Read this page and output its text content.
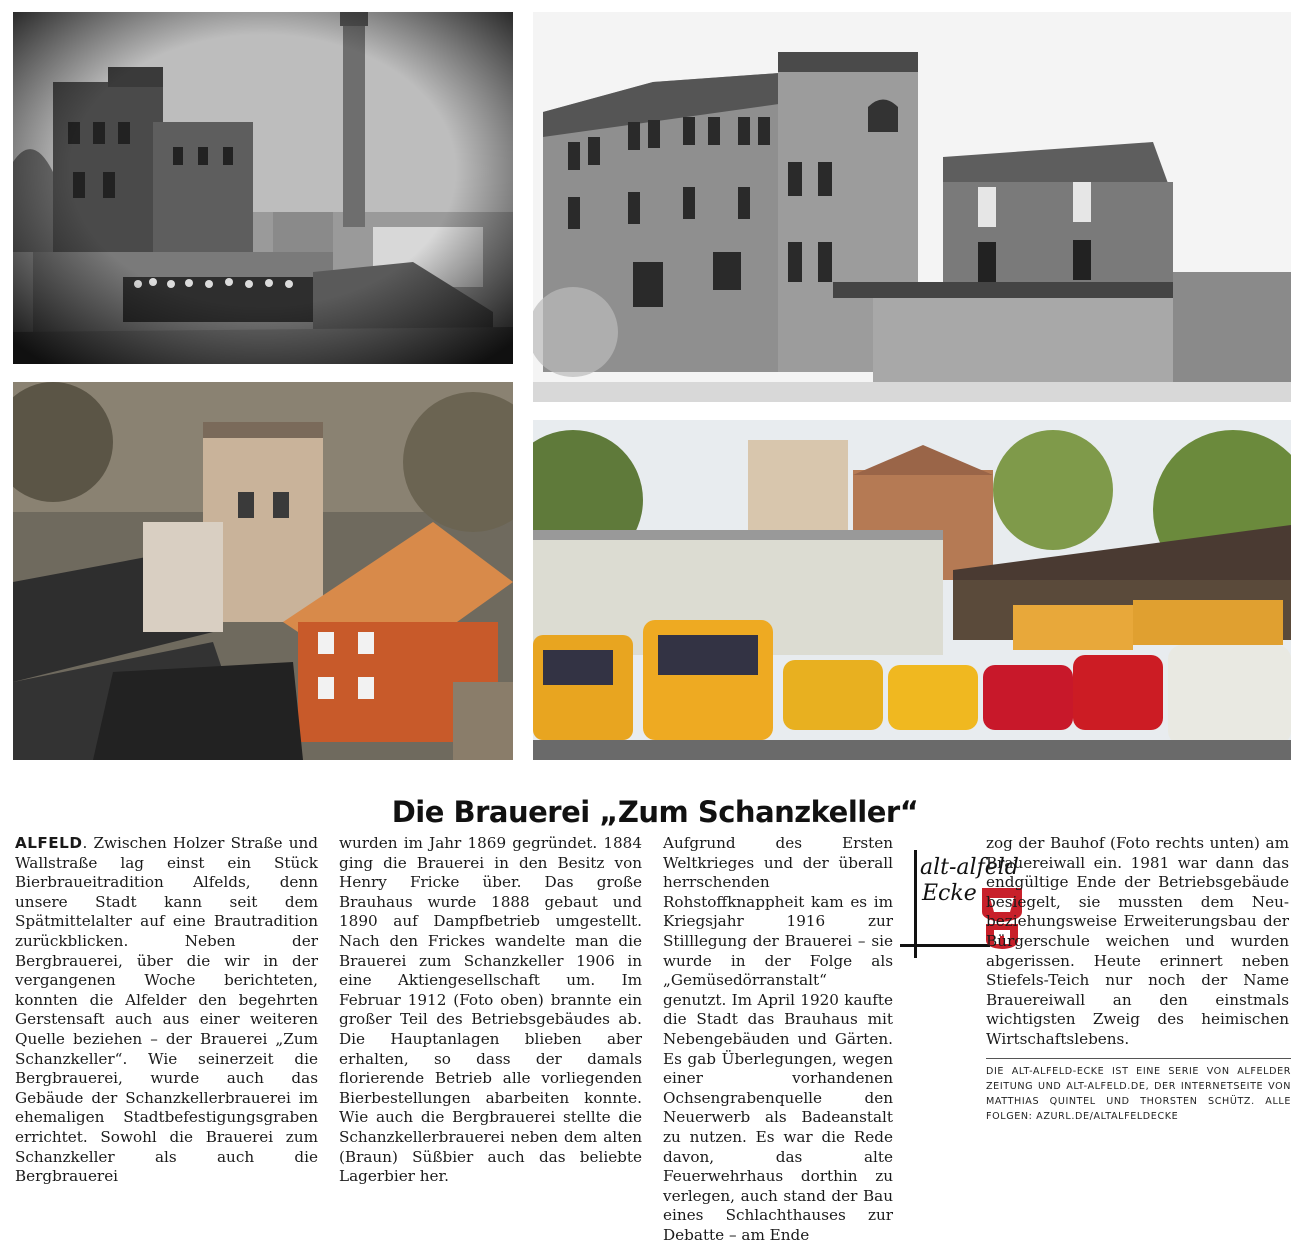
Die Brauerei „Zum Schanzkeller“
ALFELD. Zwischen Holzer Straße und Wallstraße lag einst ein Stück Bierbraueitradition Alfelds, denn unsere Stadt kann seit dem Spätmittelalter auf eine Brautradition zurückblicken. Neben der Bergbrauerei, über die wir in der vergangenen Woche berichteten, konnten die Alfelder den begehrten Gerstensaft auch aus einer weiteren Quelle beziehen – der Brauerei „Zum Schanzkeller“. Wie seinerzeit die Bergbrauerei, wurde auch das Gebäude der Schanzkellerbrauerei im ehemaligen Stadtbefestigungsgraben errichtet. Sowohl die Brauerei zum Schanzkeller als auch die Bergbrauerei
wurden im Jahr 1869 gegründet. 1884 ging die Brauerei in den Besitz von Henry Fricke über. Das große Brauhaus wurde 1888 gebaut und 1890 auf Dampfbetrieb umgestellt. Nach den Frickes wandelte man die Brauerei zum Schanzkeller 1906 in eine Aktiengesellschaft um. Im Februar 1912 (Foto oben) brannte ein großer Teil des Betriebsgebäudes ab. Die Hauptanlagen blieben aber erhalten, so dass der damals florierende Betrieb alle vorliegenden Bierbestellungen abarbeiten konnte. Wie auch die Bergbrauerei stellte die Schanzkellerbrauerei neben dem alten (Braun) Süßbier auch das beliebte Lagerbier her.
Aufgrund des Ersten Weltkrieges und der überall herrschenden Rohstoffknappheit kam es im Kriegsjahr 1916 zur Stilllegung der Brauerei – sie wurde in der Folge als „Gemüsedörranstalt“ genutzt. Im April 1920 kaufte die Stadt das Brauhaus mit Nebengebäuden und Gärten. Es gab Überlegungen, wegen einer vorhandenen Ochsengrabenquelle den Neuerwerb als Badeanstalt zu nutzen. Es war die Rede davon, das alte Feuerwehrhaus dorthin zu verlegen, auch stand der Bau eines Schlachthauses zur Debatte – am Ende
alt-alfeld
Ecke
zog der Bauhof (Foto rechts unten) am Brauereiwall ein. 1981 war dann das endgültige Ende der Betriebsgebäude besiegelt, sie mussten dem Neu- beziehungsweise Erweiterungsbau der Bürgerschule weichen und wurden abgerissen. Heute erinnert neben Stiefels-Teich nur noch der Name Brauereiwall an den einstmals wichtigsten Zweig des heimischen Wirtschaftslebens.
DIE ALT-ALFELD-ECKE IST EINE SERIE VON ALFELDER ZEITUNG UND ALT-ALFELD.DE, DER INTERNETSEITE VON MATTHIAS QUINTEL UND THORSTEN SCHÜTZ. ALLE FOLGEN: AZURL.DE/ALTALFELDECKE
